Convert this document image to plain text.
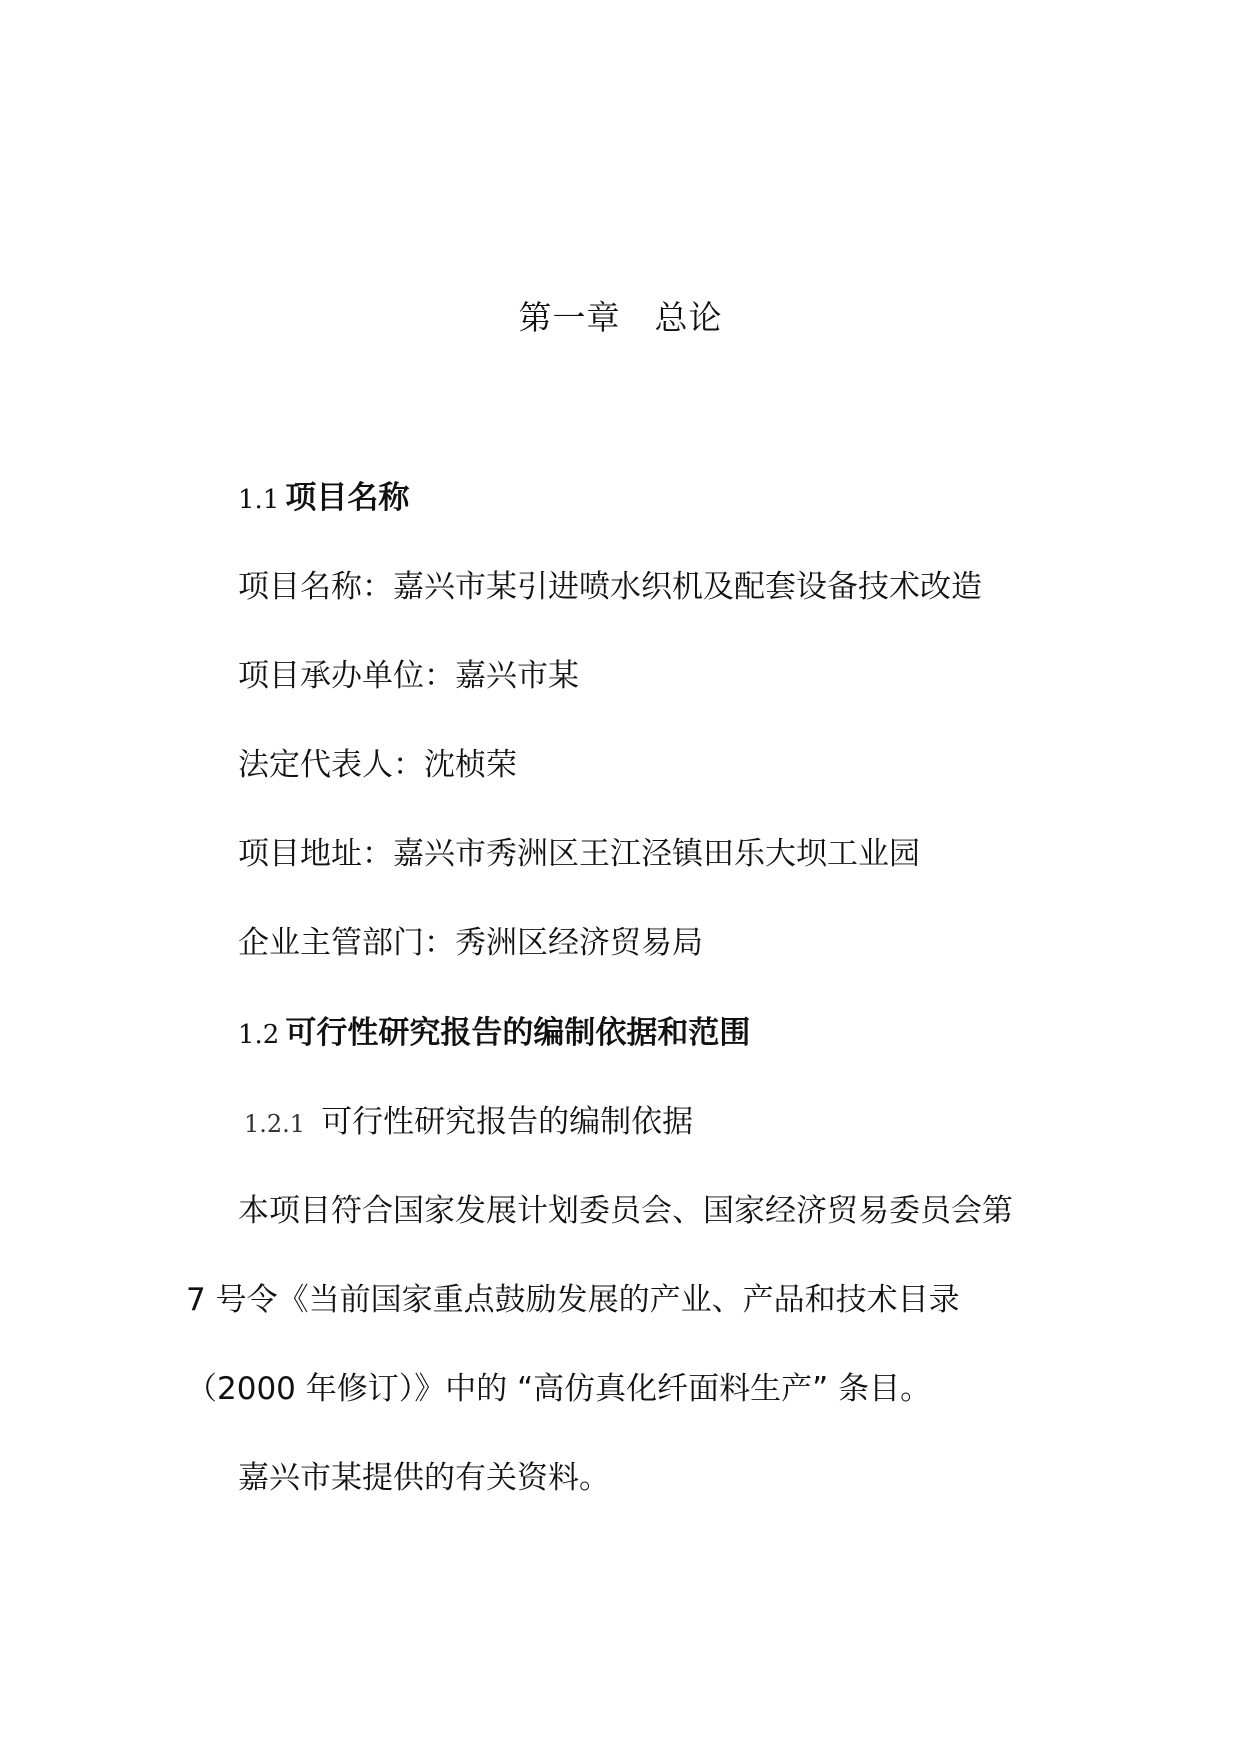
第一章 总论
1.1 项目名称

项目名称：嘉兴市某引进喷水织机及配套设备技术改造

项目承办单位：嘉兴市某

法定代表人：沈桢荣

项目地址：嘉兴市秀洲区王江泾镇田乐大坝工业园

企业主管部门：秀洲区经济贸易局

1.2 可行性研究报告的编制依据和范围
1.2.1 可行性研究报告的编制依据

本项目符合国家发展计划委员会、国家经济贸易委员会第

7 号令《当前国家重点鼓励发展的产业、产品和技术目录

（2000 年修订）》中的 “高仿真化纤面料生产” 条目。

嘉兴市某提供的有关资料。
